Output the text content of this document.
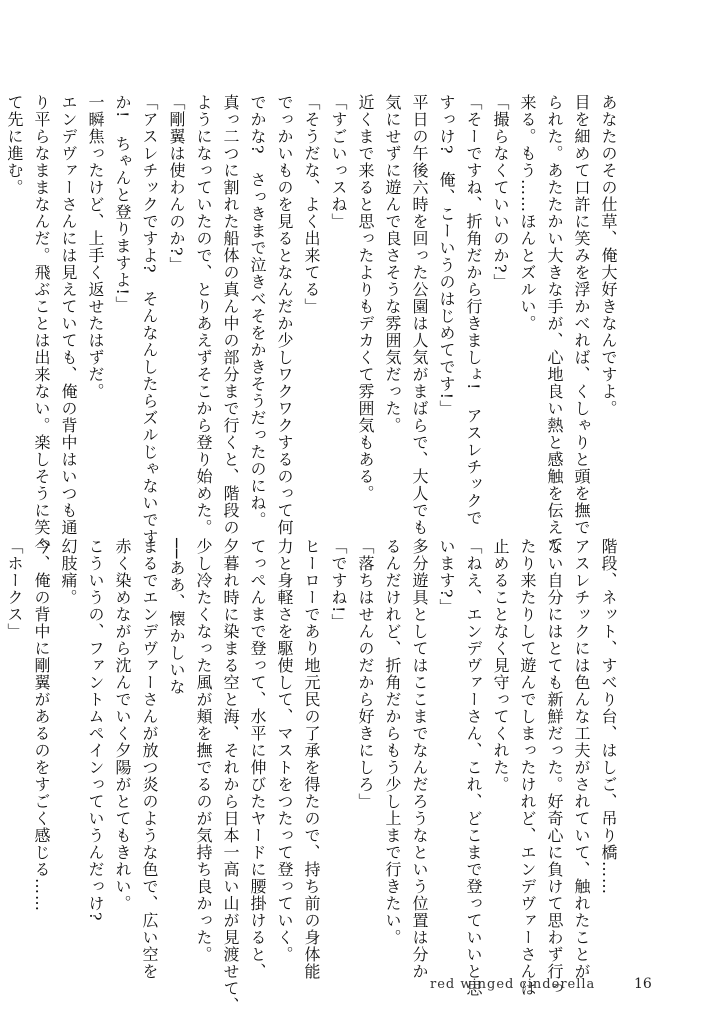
あなたのその仕草、俺大好きなんですよ。

目を細めて口許に笑みを浮かべれば、くしゃりと頭を撫で

られた。あたたかい大きな手が、心地良い熱と感触を伝えて

来る。もう……ほんとズルい。

「撮らなくていいのか?」

「そーですね、折角だから行きましょ!　アスレチックで

すっけ?　俺、こーいうのはじめてです!」

平日の午後六時を回った公園は人気がまばらで、大人でも

気にせずに遊んで良さそうな雰囲気だった。

近くまで来ると思ったよりもデカくて雰囲気もある。

「すごいっスね」

「そうだな、よく出来てる」

でっかいものを見るとなんだか少しワクワクするのって何

でかな?　さっきまで泣きべそをかきそうだったのにね。

真っ二つに割れた船体の真ん中の部分まで行くと、階段の

ようになっていたので、とりあえずそこから登り始めた。

「剛翼は使わんのか?」

「アスレチックですよ?　そんなんしたらズルじゃないです

か!　ちゃんと登りますよ!」

一瞬焦ったけど、上手く返せたはずだ。

エンデヴァーさんには見えていても、俺の背中はいつも通

り平らなままなんだ。飛ぶことは出来ない。楽しそうに笑っ

て先に進む。

階段、ネット、すべり台、はしご、吊り橋……

アスレチックには色んな工夫がされていて、触れたことが

ない自分にはとても新鮮だった。好奇心に負けて思わず行っ

たり来たりして遊んでしまったけれど、エンデヴァーさんは

止めることなく見守ってくれた。

「ねえ、エンデヴァーさん、これ、どこまで登っていいと思

います?」

多分遊具としてはここまでなんだろうなという位置は分か

るんだけれど、折角だからもう少し上まで行きたい。

「落ちはせんのだから好きにしろ」

「ですね!」

ヒーローであり地元民の了承を得たので、持ち前の身体能

力と身軽さを駆使して、マストをつたって登っていく。

てっぺんまで登って、水平に伸びたヤードに腰掛けると、

夕暮れ時に染まる空と海、それから日本一高い山が見渡せて、

少し冷たくなった風が頬を撫でるのが気持ち良かった。

──ああ、懐かしいな

まるでエンデヴァーさんが放つ炎のような色で、広い空を

赤く染めながら沈んでいく夕陽がとてもきれい。

こういうの、ファントムペインっていうんだっけ?

幻肢痛。

今、俺の背中に剛翼があるのをすごく感じる……

「ホークス」

red winged cinderella	16
